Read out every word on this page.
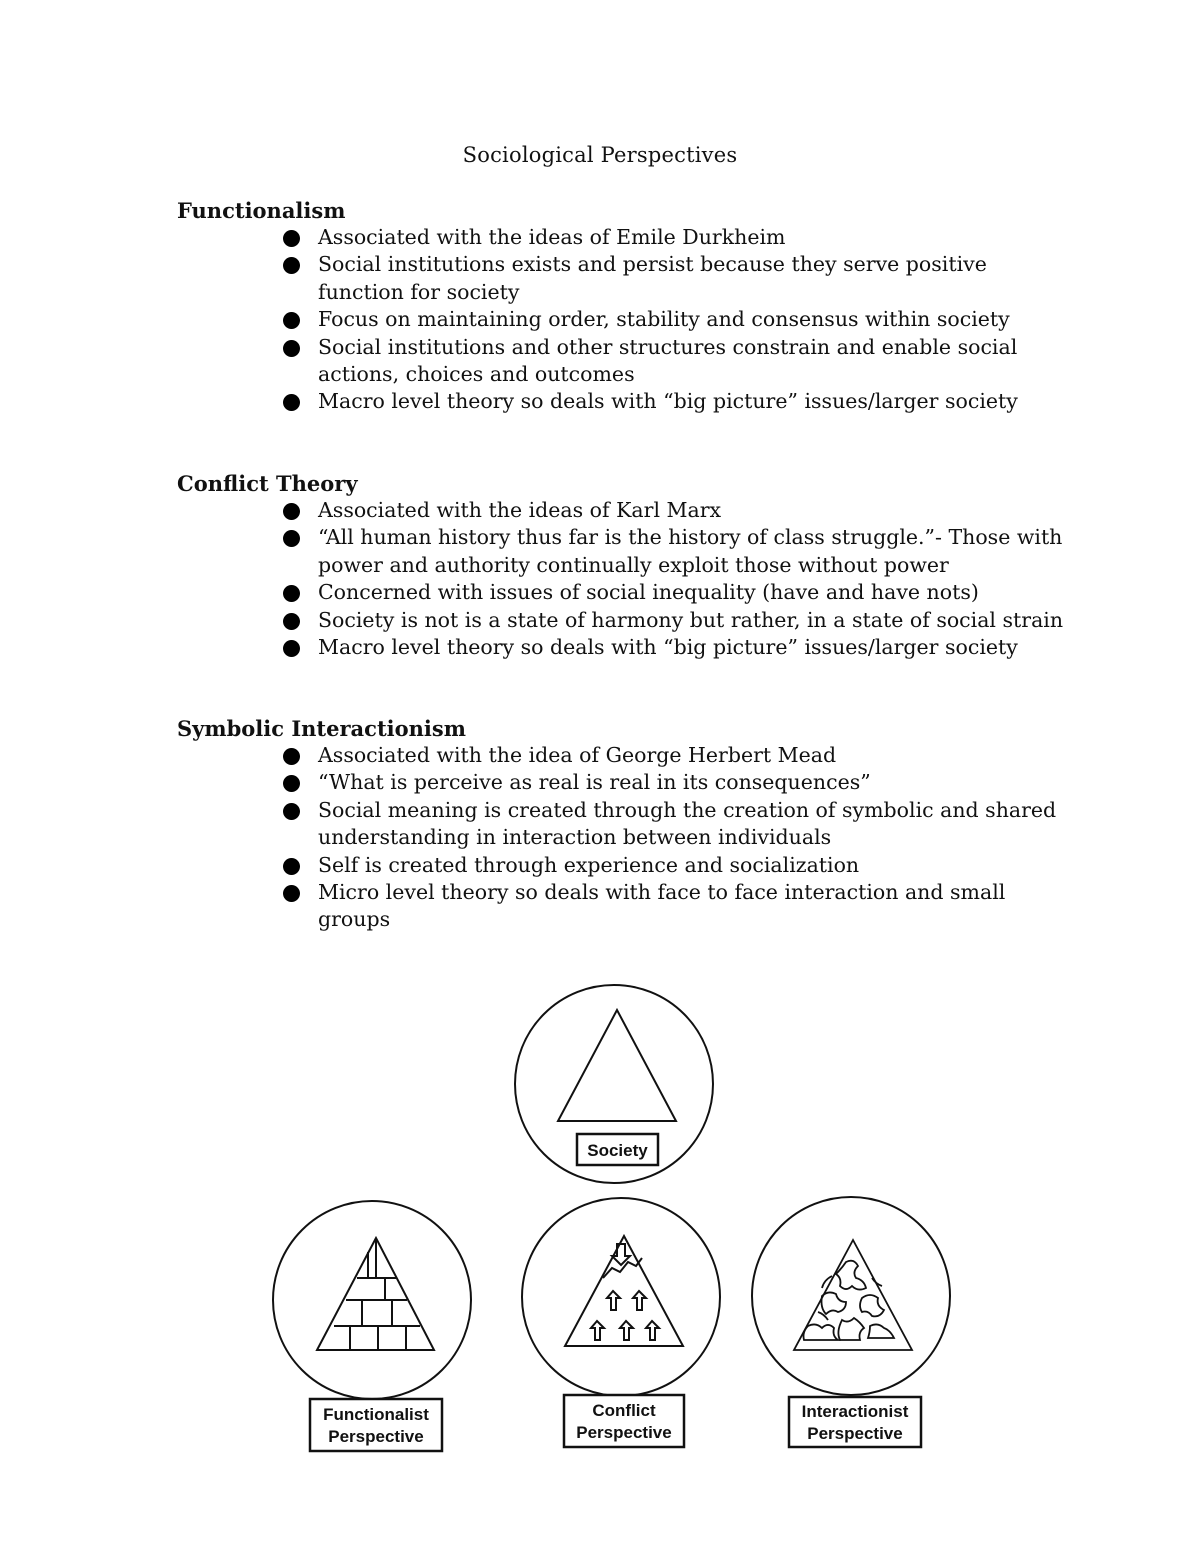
Sociological Perspectives

Functionalism

Associated with the ideas of Emile Durkheim
Social institutions exists and persist because they serve positive function for society
Focus on maintaining order, stability and consensus within society
Social institutions and other structures constrain and enable social actions, choices and outcomes
Macro level theory so deals with “big picture” issues/larger society

Conflict Theory

Associated with the ideas of Karl Marx
“All human history thus far is the history of class struggle.”- Those with power and authority continually exploit those without power
Concerned with issues of social inequality (have and have nots)
Society is not is a state of harmony but rather, in a state of social strain
Macro level theory so deals with “big picture” issues/larger society

Symbolic Interactionism

Associated with the idea of George Herbert Mead
“What is perceive as real is real in its consequences”
Social meaning is created through the creation of symbolic and shared understanding in interaction between individuals
Self is created through experience and socialization
Micro level theory so deals with face to face interaction and small groups
Society
Functionalist
Perspective
Conflict
Perspective
Interactionist
Perspective
